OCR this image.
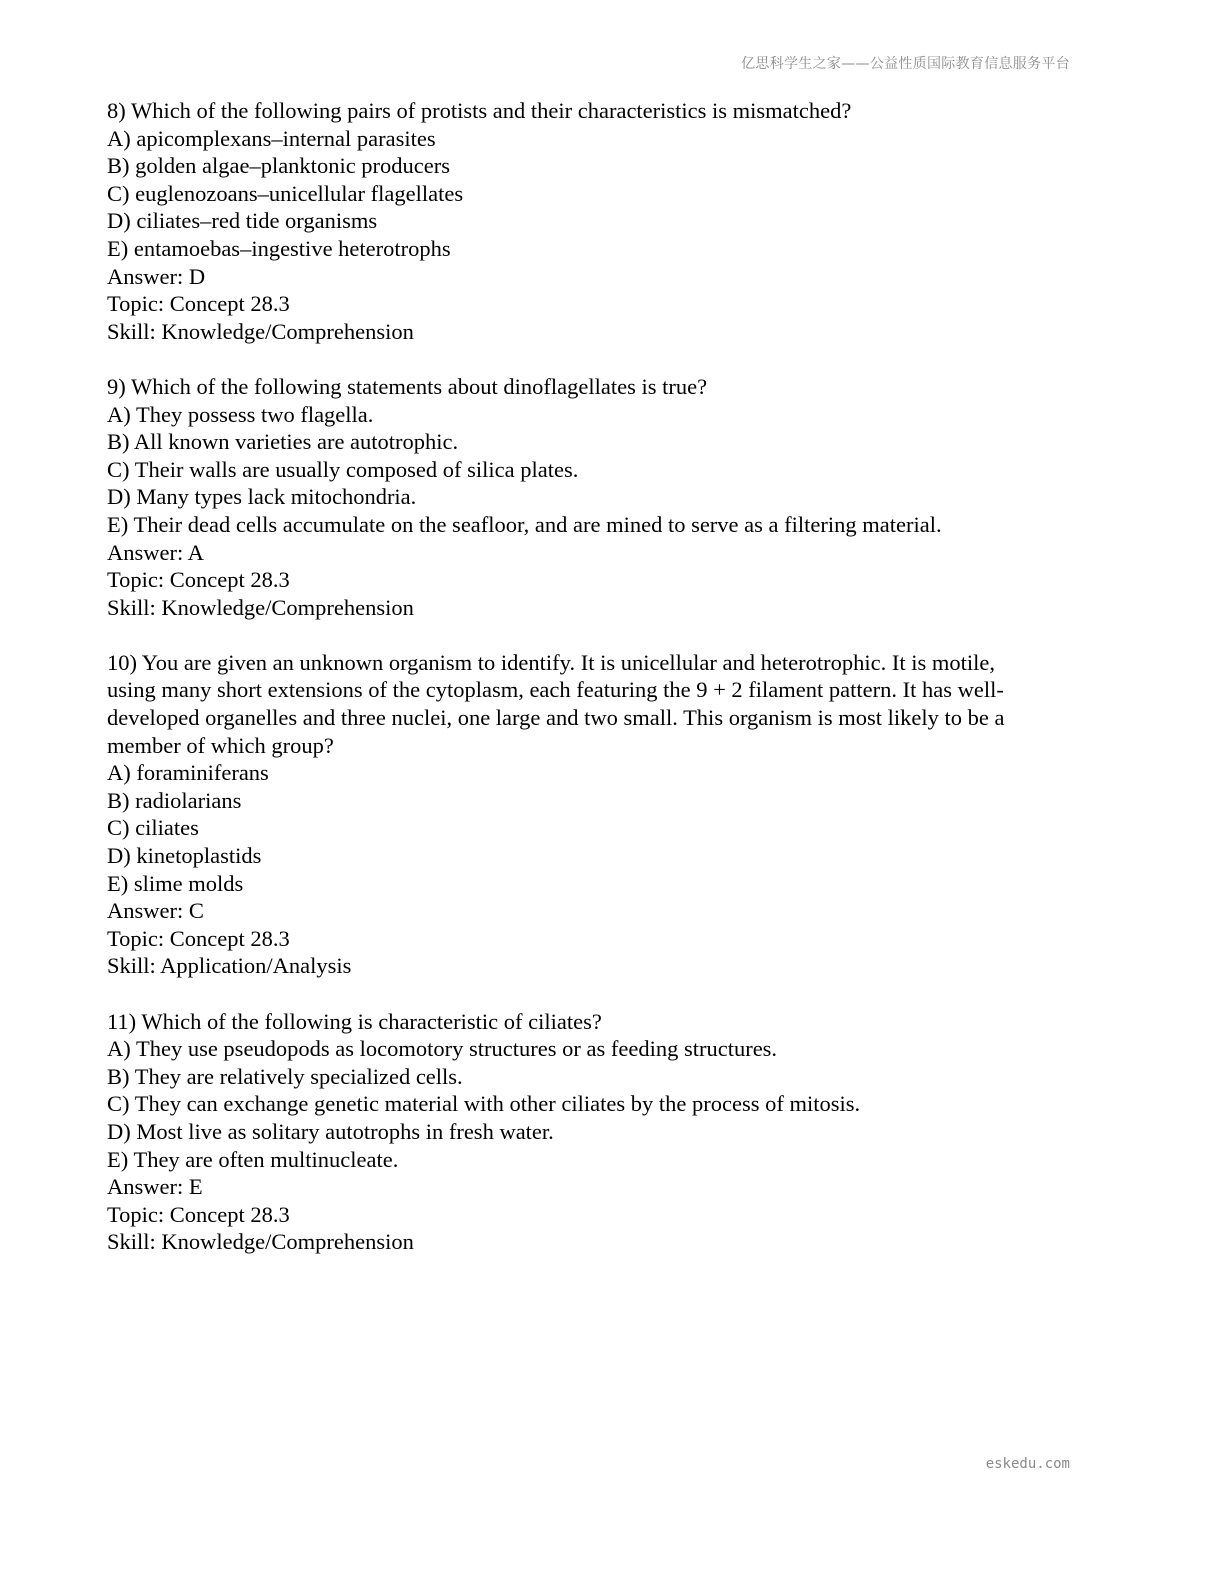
亿思科学生之家——公益性质国际教育信息服务平台
8) Which of the following pairs of protists and their characteristics is mismatched?
A) apicomplexans–internal parasites
B) golden algae–planktonic producers
C) euglenozoans–unicellular flagellates
D) ciliates–red tide organisms
E) entamoebas–ingestive heterotrophs
Answer: D
Topic: Concept 28.3
Skill: Knowledge/Comprehension
9) Which of the following statements about dinoflagellates is true?
A) They possess two flagella.
B) All known varieties are autotrophic.
C) Their walls are usually composed of silica plates.
D) Many types lack mitochondria.
E) Their dead cells accumulate on the seafloor, and are mined to serve as a filtering material.
Answer: A
Topic: Concept 28.3
Skill: Knowledge/Comprehension
10) You are given an unknown organism to identify. It is unicellular and heterotrophic. It is motile,
using many short extensions of the cytoplasm, each featuring the 9 + 2 filament pattern. It has well-
developed organelles and three nuclei, one large and two small. This organism is most likely to be a
member of which group?
A) foraminiferans
B) radiolarians
C) ciliates
D) kinetoplastids
E) slime molds
Answer: C
Topic: Concept 28.3
Skill: Application/Analysis
11) Which of the following is characteristic of ciliates?
A) They use pseudopods as locomotory structures or as feeding structures.
B) They are relatively specialized cells.
C) They can exchange genetic material with other ciliates by the process of mitosis.
D) Most live as solitary autotrophs in fresh water.
E) They are often multinucleate.
Answer: E
Topic: Concept 28.3
Skill: Knowledge/Comprehension
eskedu.com
